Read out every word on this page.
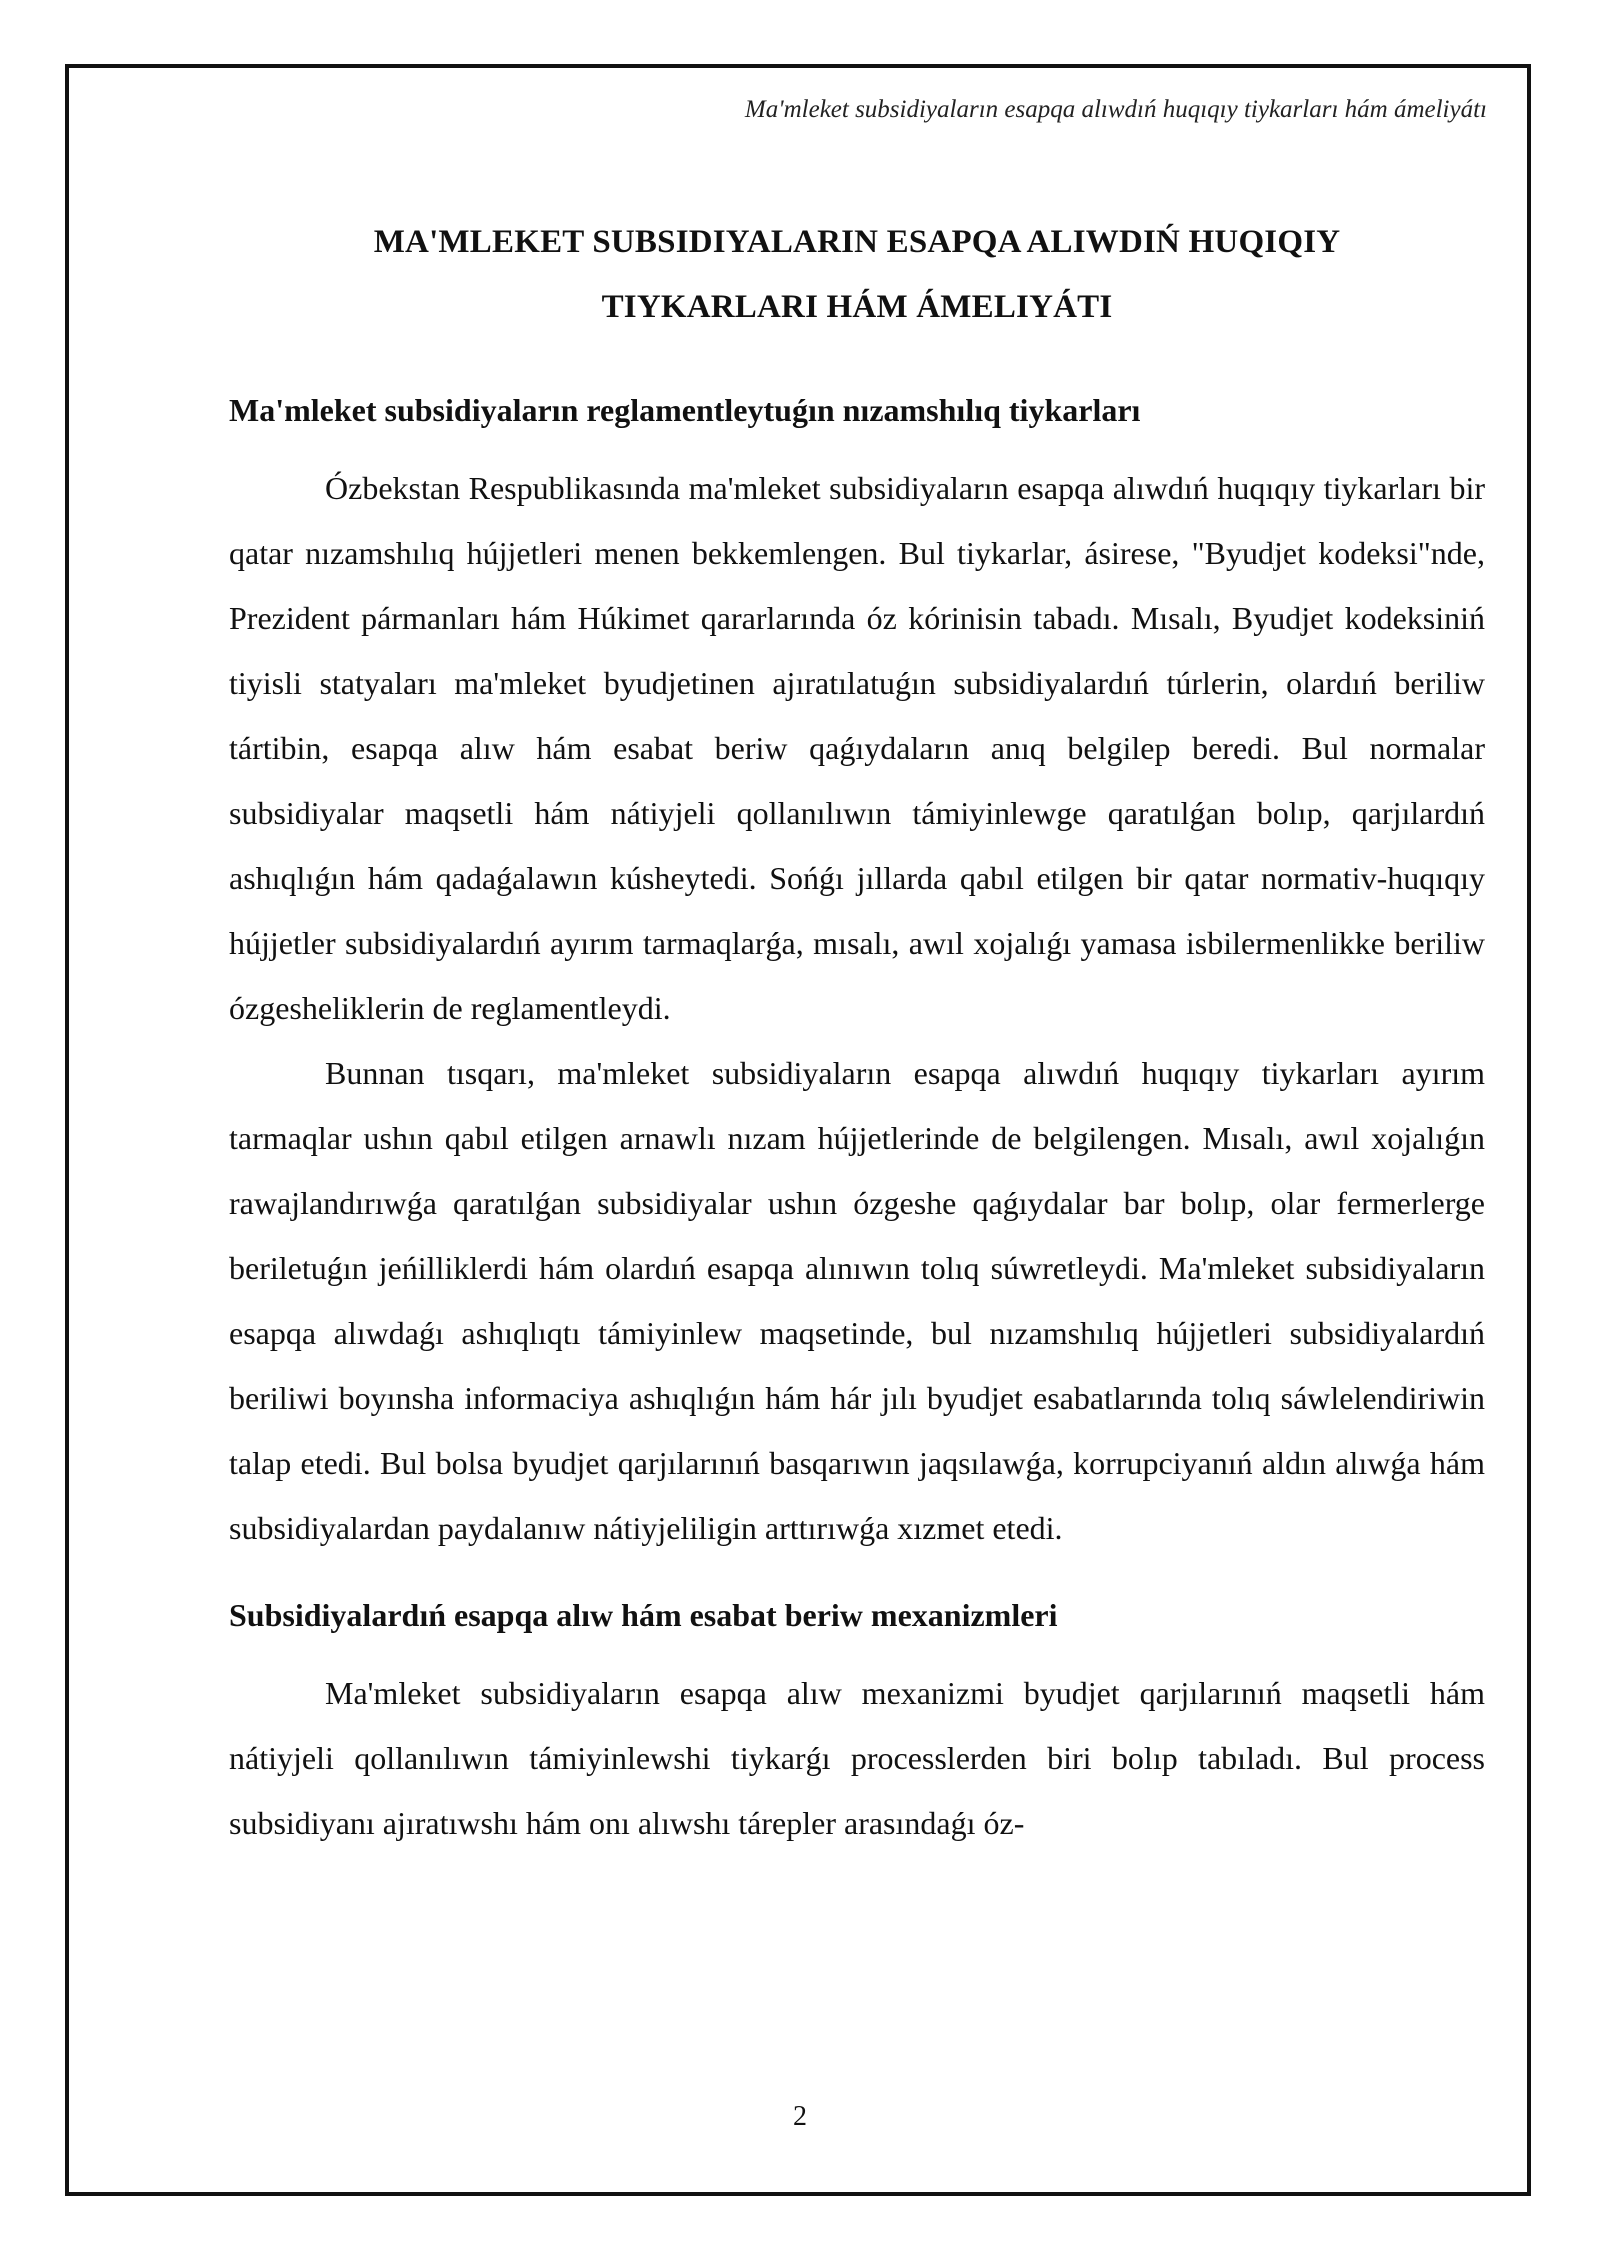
Ma'mleket subsidiyaların esapqa alıwdıń huqıqıy tiykarları hám ámeliyátı
MA'MLEKET SUBSIDIYALARIN ESAPQA ALIWDIŃ HUQIQIY
TIYKARLARI HÁM ÁMELIYÁTI
Ma'mleket subsidiyaların reglamentleytuǵın nızamshılıq tiykarları

Ózbekstan Respublikasında ma'mleket subsidiyaların esapqa alıwdıń huqıqıy tiykarları bir qatar nızamshılıq hújjetleri menen bekkemlengen. Bul tiykarlar, ásirese, "Byudjet kodeksi"nde, Prezident pármanları hám Húkimet qararlarında óz kórinisin tabadı. Mısalı, Byudjet kodeksiniń tiyisli statyaları ma'mleket byudjetinen ajıratılatuǵın subsidiyalardıń túrlerin, olardıń beriliw tártibin, esapqa alıw hám esabat beriw qaǵıydaların anıq belgilep beredi. Bul normalar subsidiyalar maqsetli hám nátiyjeli qollanılıwın támiyinlewge qaratılǵan bolıp, qarjılardıń ashıqlıǵın hám qadaǵalawın kúsheytedi. Sońǵı jıllarda qabıl etilgen bir qatar normativ-huqıqıy hújjetler subsidiyalardıń ayırım tarmaqlarǵa, mısalı, awıl xojalıǵı yamasa isbilermenlikke beriliw ózgesheliklerin de reglamentleydi.

Bunnan tısqarı, ma'mleket subsidiyaların esapqa alıwdıń huqıqıy tiykarları ayırım tarmaqlar ushın qabıl etilgen arnawlı nızam hújjetlerinde de belgilengen. Mısalı, awıl xojalıǵın rawajlandırıwǵa qaratılǵan subsidiyalar ushın ózgeshe qaǵıydalar bar bolıp, olar fermerlerge beriletuǵın jeńilliklerdi hám olardıń esapqa alınıwın tolıq súwretleydi. Ma'mleket subsidiyaların esapqa alıwdaǵı ashıqlıqtı támiyinlew maqsetinde, bul nızamshılıq hújjetleri subsidiyalardıń beriliwi boyınsha informaciya ashıqlıǵın hám hár jılı byudjet esabatlarında tolıq sáwlelendiriwin talap etedi. Bul bolsa byudjet qarjılarınıń basqarıwın jaqsılawǵa, korrupciyanıń aldın alıwǵa hám subsidiyalardan paydalanıw nátiyjeliligin arttırıwǵa xızmet etedi.

Subsidiyalardıń esapqa alıw hám esabat beriw mexanizmleri

Ma'mleket subsidiyaların esapqa alıw mexanizmi byudjet qarjılarınıń maqsetli hám nátiyjeli qollanılıwın támiyinlewshi tiykarǵı processlerden biri bolıp tabıladı. Bul process subsidiyanı ajıratıwshı hám onı alıwshı tárepler arasındaǵı óz-

2
